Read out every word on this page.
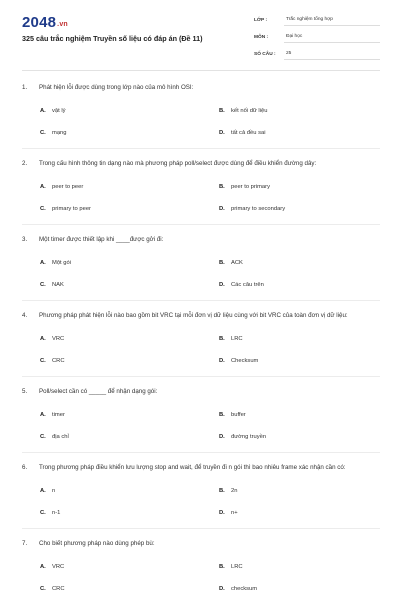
2048.vn
325 câu trắc nghiệm Truyền số liệu có đáp án (Đề 11)
LỚP :	Trắc nghiệm tổng hợp
MÔN :	Đại học
SỐ CÂU :	25
1.	Phát hiện lỗi được dùng trong lớp nào của mô hình OSI:
A.	vật lý	B.	kết nối dữ liệu
C.	mạng	D.	tất cả đều sai
2.	Trong cấu hình thông tin dạng nào mà phương pháp poll/select được dùng để điều khiển đường dây:
A.	peer to peer	B.	peer to primary
C.	primary to peer	D.	primary to secondary
3.	Một timer được thiết lập khi ____được gởi đi:
A.	Một gói	B.	ACK
C.	NAK	D.	Các câu trên
4.	Phương pháp phát hiện lỗi nào bao gồm bit VRC tại mỗi đơn vị dữ liệu cùng với bit VRC của toàn đơn vị dữ liệu:
A.	VRC	B.	LRC
C.	CRC	D.	Checksum
5.	Poll/select cần có _____ để nhận dạng gói:
A.	timer	B.	buffer
C.	địa chỉ	D.	đường truyền
6.	Trong phương pháp điều khiển lưu lượng stop and wait, để truyền đi n gói thì bao nhiêu frame xác nhận cần có:
A.	n	B.	2n
C.	n-1	D.	n+
7.	Cho biết phương pháp nào dùng phép bù:
A.	VRC	B.	LRC
C.	CRC	D.	checksum
